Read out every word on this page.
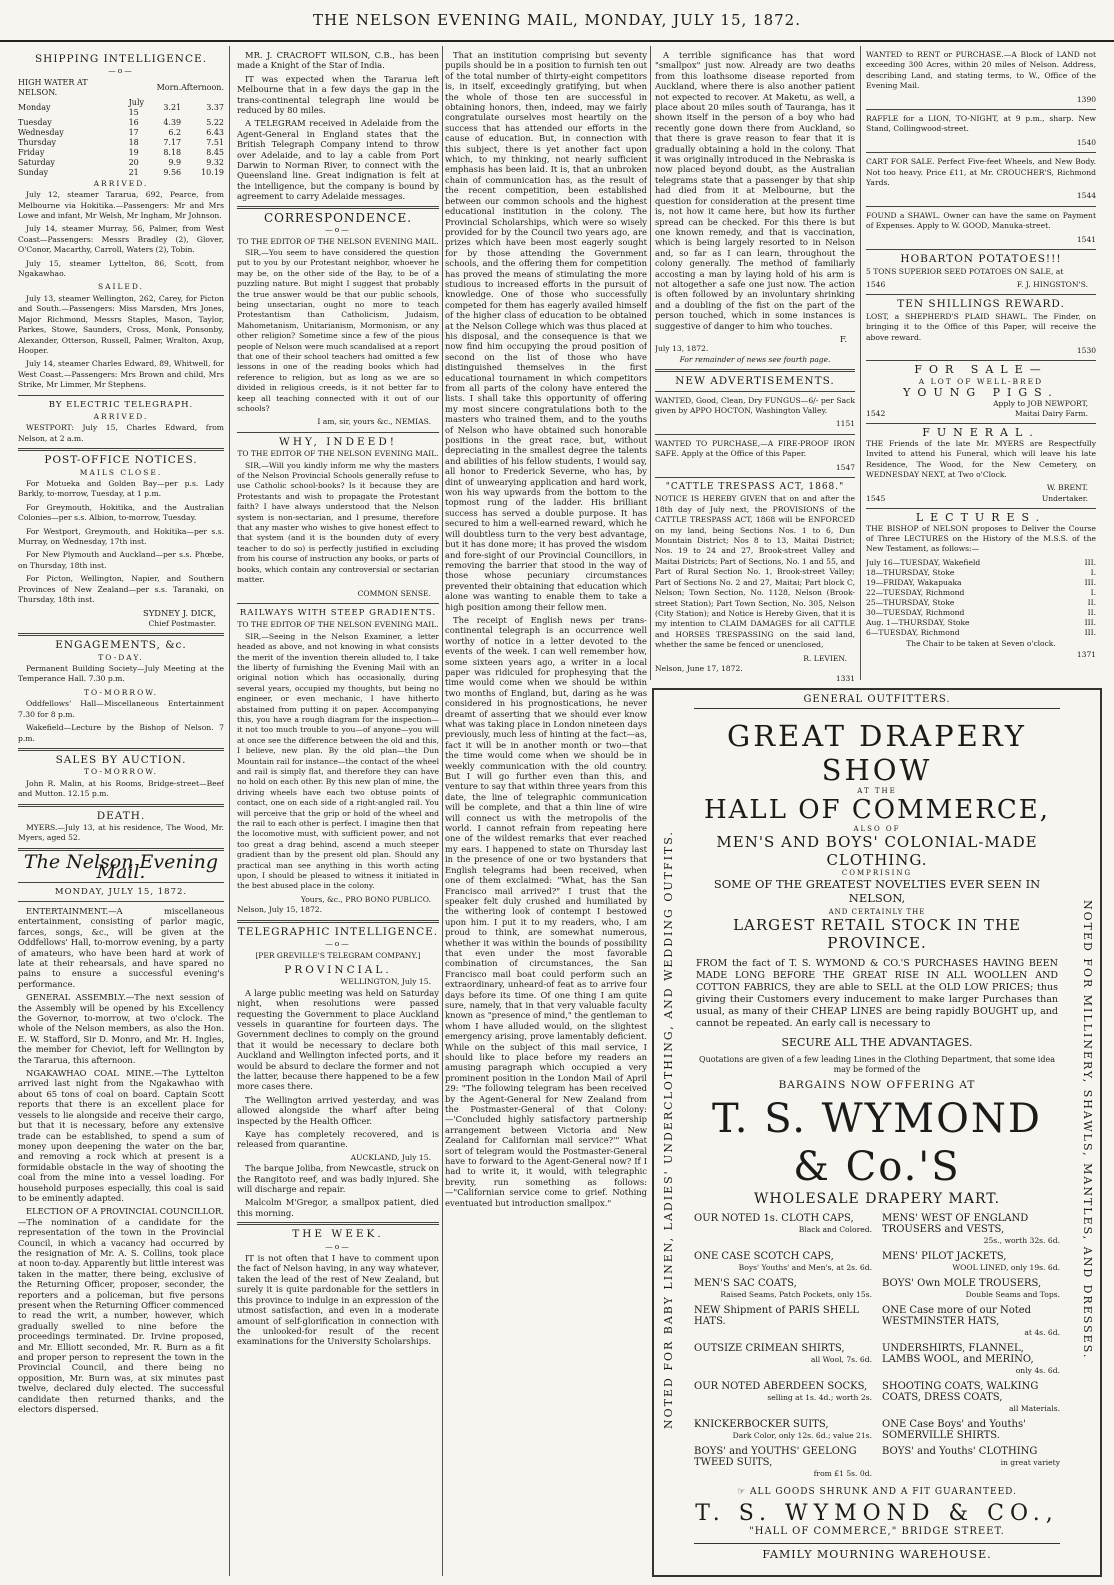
THE NELSON EVENING MAIL, MONDAY, JULY 15, 1872.
SHIPPING INTELLIGENCE.
—o—
HIGH WATER AT NELSON.		Morn.	Afternoon.
Monday	July 15	3.21	3.37
Tuesday	16	4.39	5.22
Wednesday	17	6.2	6.43
Thursday	18	7.17	7.51
Friday	19	8.18	8.45
Saturday	20	9.9	9.32
Sunday	21	9.56	10.19
ARRIVED.

July 12, steamer Tararua, 692, Pearce, from Melbourne via Hokitika.—Passengers: Mr and Mrs Lowe and infant, Mr Welsh, Mr Ingham, Mr Johnson.

July 14, steamer Murray, 56, Palmer, from West Coast—Passengers: Messrs Bradley (2), Glover, O'Conor, Macarthy, Carroll, Waters (2), Tobin.

July 15, steamer Lyttelton, 86, Scott, from Ngakawhao.

SAILED.

July 13, steamer Wellington, 262, Carey, for Picton and South.—Passengers: Miss Marsden, Mrs Jones, Major Richmond, Messrs Staples, Mason, Taylor, Parkes, Stowe, Saunders, Cross, Monk, Ponsonby, Alexander, Otterson, Russell, Palmer, Wralton, Axup, Hooper.

July 14, steamer Charles Edward, 89, Whitwell, for West Coast.—Passengers: Mrs Brown and child, Mrs Strike, Mr Limmer, Mr Stephens.

BY ELECTRIC TELEGRAPH.
ARRIVED.

WESTPORT: July 15, Charles Edward, from Nelson, at 2 a.m.

POST-OFFICE NOTICES.
MAILS CLOSE.

For Motueka and Golden Bay—per p.s. Lady Barkly, to-morrow, Tuesday, at 1 p.m.

For Greymouth, Hokitika, and the Australian Colonies—per s.s. Albion, to-morrow, Tuesday.

For Westport, Greymouth, and Hokitika—per s.s. Murray, on Wednesday, 17th inst.

For New Plymouth and Auckland—per s.s. Phœbe, on Thursday, 18th inst.

For Picton, Wellington, Napier, and Southern Provinces of New Zealand—per s.s. Taranaki, on Thursday, 18th inst.

SYDNEY J. DICK,
Chief Postmaster.
ENGAGEMENTS, &c.
TO-DAY.

Permanent Building Society—July Meeting at the Temperance Hall. 7.30 p.m.

TO-MORROW.

Oddfellows' Hall—Miscellaneous Entertainment 7.30 for 8 p.m.

Wakefield—Lecture by the Bishop of Nelson. 7 p.m.

SALES BY AUCTION.
TO-MORROW.

John R. Malin, at his Rooms, Bridge-street—Beef and Mutton. 12.15 p.m.

DEATH.

MYERS.—July 13, at his residence, The Wood, Mr. Myers, aged 52.

The Nelson Evening Mail.
MONDAY, JULY 15, 1872.

ENTERTAINMENT.—A miscellaneous entertainment, consisting of parlor magic, farces, songs, &c., will be given at the Oddfellows' Hall, to-morrow evening, by a party of amateurs, who have been hard at work of late at their rehearsals, and have spared no pains to ensure a successful evening's performance.

GENERAL ASSEMBLY.—The next session of the Assembly will be opened by his Excellency the Governor, to-morrow, at two o'clock. The whole of the Nelson members, as also the Hon. E. W. Stafford, Sir D. Monro, and Mr. H. Ingles, the member for Cheviot, left for Wellington by the Tararua, this afternoon.

NGAKAWHAO COAL MINE.—The Lyttelton arrived last night from the Ngakawhao with about 65 tons of coal on board. Captain Scott reports that there is an excellent place for vessels to lie alongside and receive their cargo, but that it is necessary, before any extensive trade can be established, to spend a sum of money upon deepening the water on the bar, and removing a rock which at present is a formidable obstacle in the way of shooting the coal from the mine into a vessel loading. For household purposes especially, this coal is said to be eminently adapted.

ELECTION OF A PROVINCIAL COUNCILLOR.—The nomination of a candidate for the representation of the town in the Provincial Council, in which a vacancy had occurred by the resignation of Mr. A. S. Collins, took place at noon to-day. Apparently but little interest was taken in the matter, there being, exclusive of the Returning Officer, proposer, seconder, the reporters and a policeman, but five persons present when the Returning Officer commenced to read the writ, a number, however, which gradually swelled to nine before the proceedings terminated. Dr. Irvine proposed, and Mr. Elliott seconded, Mr. R. Burn as a fit and proper person to represent the town in the Provincial Council, and there being no opposition, Mr. Burn was, at six minutes past twelve, declared duly elected. The successful candidate then returned thanks, and the electors dispersed.

MR. J. CRACROFT WILSON, C.B., has been made a Knight of the Star of India.

IT was expected when the Tararua left Melbourne that in a few days the gap in the trans-continental telegraph line would be reduced by 80 miles.

A TELEGRAM received in Adelaide from the Agent-General in England states that the British Telegraph Company intend to throw over Adelaide, and to lay a cable from Port Darwin to Norman River, to connect with the Queensland line. Great indignation is felt at the intelligence, but the company is bound by agreement to carry Adelaide messages.

CORRESPONDENCE.
—o—
TO THE EDITOR OF THE NELSON EVENING MAIL.

SIR,—You seem to have considered the question put to you by our Protestant neighbor, whoever he may be, on the other side of the Bay, to be of a puzzling nature. But might I suggest that probably the true answer would be that our public schools, being unsectarian, ought no more to teach Protestantism than Catholicism, Judaism, Mahometanism, Unitarianism, Mormonism, or any other religion? Sometime since a few of the pious people of Nelson were much scandalised at a report that one of their school teachers had omitted a few lessons in one of the reading books which had reference to religion, but as long as we are so divided in religious creeds, is it not better far to keep all teaching connected with it out of our schools?

I am, sir, yours &c., NEMIAS.
WHY, INDEED!
TO THE EDITOR OF THE NELSON EVENING MAIL.

SIR,—Will you kindly inform me why the masters of the Nelson Provincial Schools generally refuse to use Catholic school-books? Is it because they are Protestants and wish to propagate the Protestant faith? I have always understood that the Nelson system is non-sectarian, and I presume, therefore that any master who wishes to give honest effect to that system (and it is the bounden duty of every teacher to do so) is perfectly justified in excluding from his course of instruction any books, or parts of books, which contain any controversial or sectarian matter.

COMMON SENSE.
RAILWAYS WITH STEEP GRADIENTS.
TO THE EDITOR OF THE NELSON EVENING MAIL.

SIR,—Seeing in the Nelson Examiner, a letter headed as above, and not knowing in what consists the merit of the invention therein alluded to, I take the liberty of furnishing the Evening Mail with an original notion which has occasionally, during several years, occupied my thoughts, but being no engineer, or even mechanic, I have hitherto abstained from putting it on paper. Accompanying this, you have a rough diagram for the inspection—it not too much trouble to you—of anyone—you will at once see the difference between the old and this, I believe, new plan. By the old plan—the Dun Mountain rail for instance—the contact of the wheel and rail is simply flat, and therefore they can have no hold on each other. By this new plan of mine, the driving wheels have each two obtuse points of contact, one on each side of a right-angled rail. You will perceive that the grip or hold of the wheel and the rail to each other is perfect. I imagine then that the locomotive must, with sufficient power, and not too great a drag behind, ascend a much steeper gradient than by the present old plan. Should any practical man see anything in this worth acting upon, I should be pleased to witness it initiated in the best abused place in the colony.

Yours, &c., PRO BONO PUBLICO.
Nelson, July 15, 1872.
TELEGRAPHIC INTELLIGENCE.
—o—
[PER GREVILLE'S TELEGRAM COMPANY.]
PROVINCIAL.
WELLINGTON, July 15.

A large public meeting was held on Saturday night, when resolutions were passed requesting the Government to place Auckland vessels in quarantine for fourteen days. The Government declines to comply on the ground that it would be necessary to declare both Auckland and Wellington infected ports, and it would be absurd to declare the former and not the latter, because there happened to be a few more cases there.

The Wellington arrived yesterday, and was allowed alongside the wharf after being inspected by the Health Officer.

Kaye has completely recovered, and is released from quarantine.

AUCKLAND, July 15.

The barque Joliba, from Newcastle, struck on the Rangitoto reef, and was badly injured. She will discharge and repair.

Malcolm M'Gregor, a smallpox patient, died this morning.

THE WEEK.
—o—

IT is not often that I have to comment upon the fact of Nelson having, in any way whatever, taken the lead of the rest of New Zealand, but surely it is quite pardonable for the settlers in this province to indulge in an expression of the utmost satisfaction, and even in a moderate amount of self-glorification in connection with the unlooked-for result of the recent examinations for the University Scholarships.

That an institution comprising but seventy pupils should be in a position to furnish ten out of the total number of thirty-eight competitors is, in itself, exceedingly gratifying, but when the whole of those ten are successful in obtaining honors, then, indeed, may we fairly congratulate ourselves most heartily on the success that has attended our efforts in the cause of education. But, in connection with this subject, there is yet another fact upon which, to my thinking, not nearly sufficient emphasis has been laid. It is, that an unbroken chain of communication has, as the result of the recent competition, been established between our common schools and the highest educational institution in the colony. The Provincial Scholarships, which were so wisely provided for by the Council two years ago, are prizes which have been most eagerly sought for by those attending the Government schools, and the offering them for competition has proved the means of stimulating the more studious to increased efforts in the pursuit of knowledge. One of those who successfully competed for them has eagerly availed himself of the higher class of education to be obtained at the Nelson College which was thus placed at his disposal, and the consequence is that we now find him occupying the proud position of second on the list of those who have distinguished themselves in the first educational tournament in which competitors from all parts of the colony have entered the lists. I shall take this opportunity of offering my most sincere congratulations both to the masters who trained them, and to the youths of Nelson who have obtained such honorable positions in the great race, but, without depreciating in the smallest degree the talents and abilities of his fellow students, I would say, all honor to Frederick Severne, who has, by dint of unwearying application and hard work, won his way upwards from the bottom to the topmost rung of the ladder. His brilliant success has served a double purpose. It has secured to him a well-earned reward, which he will doubtless turn to the very best advantage, but it has done more; it has proved the wisdom and fore-sight of our Provincial Councillors, in removing the barrier that stood in the way of those whose pecuniary circumstances prevented their obtaining that education which alone was wanting to enable them to take a high position among their fellow men.

The receipt of English news per trans-continental telegraph is an occurrence well worthy of notice in a letter devoted to the events of the week. I can well remember how, some sixteen years ago, a writer in a local paper was ridiculed for prophesying that the time would come when we should be within two months of England, but, daring as he was considered in his prognostications, he never dreamt of asserting that we should ever know what was taking place in London nineteen days previously, much less of hinting at the fact—as, fact it will be in another month or two—that the time would come when we should be in weekly communication with the old country. But I will go further even than this, and venture to say that within three years from this date, the line of telegraphic communication will be complete, and that a thin line of wire will connect us with the metropolis of the world. I cannot refrain from repeating here one of the wildest remarks that ever reached my ears. I happened to state on Thursday last in the presence of one or two bystanders that English telegrams had been received, when one of them exclaimed: "What, has the San Francisco mail arrived?" I trust that the speaker felt duly crushed and humiliated by the withering look of contempt I bestowed upon him. I put it to my readers, who, I am proud to think, are somewhat numerous, whether it was within the bounds of possibility that even under the most favorable combination of circumstances, the San Francisco mail boat could perform such an extraordinary, unheard-of feat as to arrive four days before its time. Of one thing I am quite sure, namely, that in that very valuable faculty known as "presence of mind," the gentleman to whom I have alluded would, on the slightest emergency arising, prove lamentably deficient. While on the subject of this mail service, I should like to place before my readers an amusing paragraph which occupied a very prominent position in the London Mail of April 29: "The following telegram has been received by the Agent-General for New Zealand from the Postmaster-General of that Colony:—'Concluded highly satisfactory partnership arrangement between Victoria and New Zealand for Californian mail service?'" What sort of telegram would the Postmaster-General have to forward to the Agent-General now? If I had to write it, it would, with telegraphic brevity, run something as follows:—"Californian service come to grief. Nothing eventuated but introduction smallpox."

A terrible significance has that word "smallpox" just now. Already are two deaths from this loathsome disease reported from Auckland, where there is also another patient not expected to recover. At Maketu, as well, a place about 20 miles south of Tauranga, has it shown itself in the person of a boy who had recently gone down there from Auckland, so that there is grave reason to fear that it is gradually obtaining a hold in the colony. That it was originally introduced in the Nebraska is now placed beyond doubt, as the Australian telegrams state that a passenger by that ship had died from it at Melbourne, but the question for consideration at the present time is, not how it came here, but how its further spread can be checked. For this there is but one known remedy, and that is vaccination, which is being largely resorted to in Nelson and, so far as I can learn, throughout the colony generally. The method of familiarly accosting a man by laying hold of his arm is not altogether a safe one just now. The action is often followed by an involuntary shrinking and a doubling of the fist on the part of the person touched, which in some instances is suggestive of danger to him who touches.

F.
July 13, 1872.
For remainder of news see fourth page.
NEW ADVERTISEMENTS.

WANTED, Good, Clean, Dry FUNGUS—6/- per Sack given by APPO HOCTON, Washington Valley.

1151

WANTED TO PURCHASE,—A FIRE-PROOF IRON SAFE. Apply at the Office of this Paper.

1547
"CATTLE TRESPASS ACT, 1868."

NOTICE IS HEREBY GIVEN that on and after the 18th day of July next, the PROVISIONS of the CATTLE TRESPASS ACT, 1868 will be ENFORCED on my land, being Sections Nos. 1 to 6, Dun Mountain District; Nos 8 to 13, Maitai District; Nos. 19 to 24 and 27, Brook-street Valley and Maitai Districts; Part of Sections, No. 1 and 55, and Part of Rural Section No. 1, Brook-street Valley; Part of Sections No. 2 and 27, Maitai; Part block C, Nelson; Town Section, No. 1128, Nelson (Brook-street Station); Part Town Section, No. 305, Nelson (City Station); and Notice is Hereby Given, that it is my intention to CLAIM DAMAGES for all CATTLE and HORSES TRESPASSING on the said land, whether the same be fenced or unenclosed,

R. LEVIEN.
Nelson, June 17, 1872.
1331

WANTED to RENT or PURCHASE.—A Block of LAND not exceeding 300 Acres, within 20 miles of Nelson. Address, describing Land, and stating terms, to W., Office of the Evening Mail.

1390

RAFFLE for a LION, TO-NIGHT, at 9 p.m., sharp. New Stand, Collingwood-street.

1540

CART FOR SALE. Perfect Five-feet Wheels, and New Body. Not too heavy. Price £11, at Mr. CROUCHER'S, Richmond Yards.

1544

FOUND a SHAWL. Owner can have the same on Payment of Expenses. Apply to W. GOOD, Manuka-street.

1541
HOBARTON POTATOES!!!

5 TONS SUPERIOR SEED POTATOES ON SALE, at

1546	F. J. HINGSTON'S.
TEN SHILLINGS REWARD.

LOST, a SHEPHERD'S PLAID SHAWL. The Finder, on bringing it to the Office of this Paper, will receive the above reward.

1530
FOR SALE—
A LOT OF WELL-BRED
YOUNG PIGS.
Apply to JOB NEWPORT,
1542	Maitai Dairy Farm.
FUNERAL.

THE Friends of the late Mr. MYERS are Respectfully Invited to attend his Funeral, which will leave his late Residence, The Wood, for the New Cemetery, on WEDNESDAY NEXT, at Two o'Clock.

W. BRENT.
1545	Undertaker.
LECTURES.

THE BISHOP of NELSON proposes to Deliver the Course of Three LECTURES on the History of the M.S.S. of the New Testament, as follows:—

July 16—TUESDAY, Wakefield	III.
18—THURSDAY, Stoke	I.
19—FRIDAY, Wakapuaka	III.
22—TUESDAY, Richmond	I.
25—THURSDAY, Stoke	II.
30—TUESDAY, Richmond	II.
Aug. 1—THURSDAY, Stoke	III.
6—TUESDAY, Richmond	III.
The Chair to be taken at Seven o'clock.
1371
NOTED FOR BABY LINEN, LADIES' UNDERCLOTHING, AND WEDDING OUTFITS.	NOTED FOR MILLINERY, SHAWLS, MANTLES, AND DRESSES.
GENERAL OUTFITTERS.
GREAT DRAPERY SHOW
AT THE
HALL OF COMMERCE,
ALSO OF
MEN'S AND BOYS' COLONIAL-MADE CLOTHING.
COMPRISING
SOME OF THE GREATEST NOVELTIES EVER SEEN IN NELSON,
AND CERTAINLY THE
LARGEST RETAIL STOCK IN THE PROVINCE.
FROM the fact of T. S. WYMOND & CO.'S PURCHASES HAVING BEEN MADE LONG BEFORE THE GREAT RISE IN ALL WOOLLEN AND COTTON FABRICS, they are able to SELL at the OLD LOW PRICES; thus giving their Customers every inducement to make larger Purchases than usual, as many of their CHEAP LINES are being rapidly BOUGHT up, and cannot be repeated. An early call is necessary to
SECURE ALL THE ADVANTAGES.
Quotations are given of a few leading Lines in the Clothing Department, that some idea may be formed of the
BARGAINS NOW OFFERING AT
T. S. WYMOND & Co.'S
WHOLESALE DRAPERY MART.
OUR NOTED 1s. CLOTH CAPS,
Black and Colored.
MENS' WEST OF ENGLAND TROUSERS and VESTS,
25s., worth 32s. 6d.
ONE CASE SCOTCH CAPS,
Boys' Youths' and Men's, at 2s. 6d.
MENS' PILOT JACKETS,
WOOL LINED, only 19s. 6d.
MEN'S SAC COATS,
Raised Seams, Patch Pockets, only 15s.
BOYS' Own MOLE TROUSERS,
Double Seams and Tops.
NEW Shipment of PARIS SHELL HATS.
ONE Case more of our Noted WESTMINSTER HATS,
at 4s. 6d.
OUTSIZE CRIMEAN SHIRTS,
all Wool, 7s. 6d.
UNDERSHIRTS, FLANNEL, LAMBS WOOL, and MERINO,
only 4s. 6d.
OUR NOTED ABERDEEN SOCKS,
selling at 1s. 4d.; worth 2s.
SHOOTING COATS, WALKING COATS, DRESS COATS,
all Materials.
KNICKERBOCKER SUITS,
Dark Color, only 12s. 6d.; value 21s.
ONE Case Boys' and Youths' SOMERVILLE SHIRTS.
BOYS' and YOUTHS' GEELONG TWEED SUITS,
from £1 5s. 0d.
BOYS' and Youths' CLOTHING
in great variety
☞ ALL GOODS SHRUNK AND A FIT GUARANTEED.
T. S. WYMOND & CO.,
"HALL OF COMMERCE," BRIDGE STREET.
FAMILY MOURNING WAREHOUSE.
